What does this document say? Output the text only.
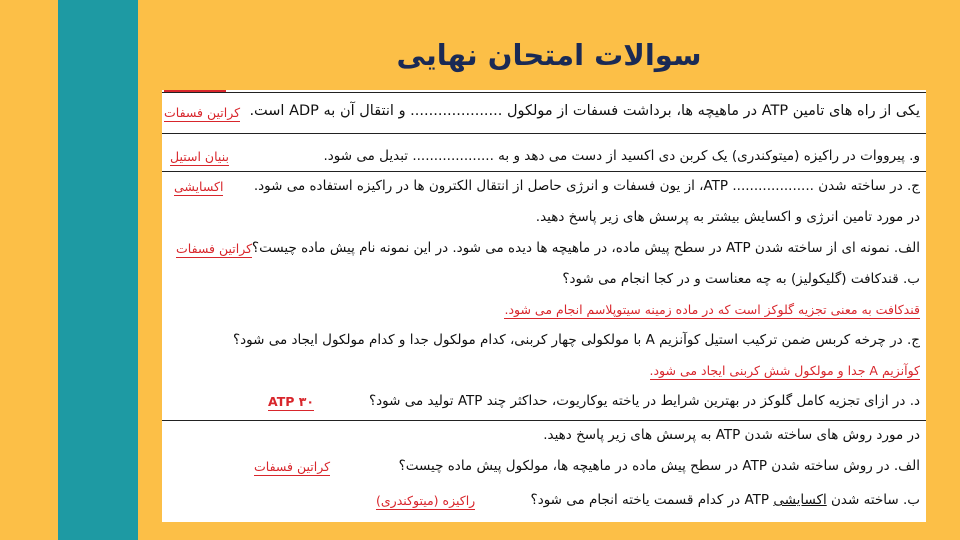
سوالات امتحان نهایی
یکی از راه های تامین ATP در ماهیچه ها، برداشت فسفات از مولکول .................... و انتقال آن به ADP است.
کراتین فسفات
و. پیرووات در راکیزه (میتوکندری) یک کربن دی اکسید از دست می دهد و به ................... تبدیل می شود.
بنیان استیل
ج. در ساخته شدن ................... ATP، از یون فسفات و انرژی حاصل از انتقال الکترون ها در راکیزه استفاده می شود.
اکسایشی
در مورد تامین انرژی و اکسایش بیشتر به پرسش های زیر پاسخ دهید.
الف. نمونه ای از ساخته شدن ATP در سطح پیش ماده، در ماهیچه ها دیده می شود. در این نمونه نام پیش ماده چیست؟
کراتین فسفات
ب. قندکافت (گلیکولیز) به چه معناست و در کجا انجام می شود؟
قندکافت به معنی تجزیه گلوکز است که در ماده زمینه سیتوپلاسم انجام می شود.
ج. در چرخه کربس ضمن ترکیب استیل کوآنزیم A با مولکولی چهار کربنی، کدام مولکول جدا و کدام مولکول ایجاد می شود؟
کوآنزیم A جدا و مولکول شش کربنی ایجاد می شود.
د. در ازای تجزیه کامل گلوکز در بهترین شرایط در یاخته یوکاریوت، حداکثر چند ATP تولید می شود؟
۳۰ ATP
در مورد روش های ساخته شدن ATP به پرسش های زیر پاسخ دهید.
الف. در روش ساخته شدن ATP در سطح پیش ماده در ماهیچه ها، مولکول پیش ماده چیست؟
کراتین فسفات
ب. ساخته شدن اکسایشی ATP در کدام قسمت یاخته انجام می شود؟
راکیزه (میتوکندری)
